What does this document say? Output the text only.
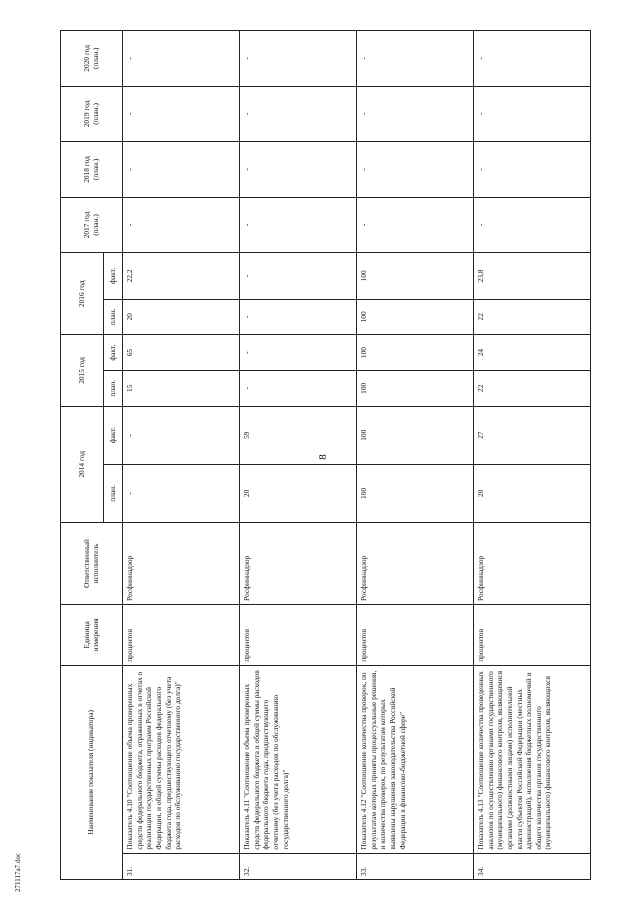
8
Наименование показателя (индикатора)		Единица измерения	Ответственный исполнитель	2014 год		2015 год		2016 год		2017 год (план.)	2018 год (план.)	2019 год (план.)	2020 год (план.)
				план.	факт.	план.	факт.	план.	факт.				
31.	Показатель 4.10 "Соотношение объема проверенных средств федерального бюджета, отраженных в отчетах о реализации государственных программ Российской Федерации, и общей суммы расходов федерального бюджета года, предшествующего отчетному (без учета расходов по обслуживанию государственного долга)"	процентов	Росфиннадзор	-	-	15	65	20	22,2	-	-	-	-
32.	Показатель 4.11 "Соотношение объема проверенных средств федерального бюджета и общей суммы расходов федерального бюджета года, предшествующего отчетному (без учета расходов по обслуживанию государственного долга)"	процентов	Росфиннадзор	20	59	-	-	-	-	-	-	-	-
33.	Показатель 4.12 "Соотношение количества проверок, по результатам которых приняты процессуальные решения, и количества проверок, по результатам которых выявлены нарушения законодательства Российской Федерации в финансово-бюджетной сфере"	процентов	Росфиннадзор	100	100	100	100	100	100	-	-	-	-
34.	Показатель 4.13 "Соотношение количества проведенных анализов по осуществлению органами государственного (муниципального) финансового контроля, являющимися органами (должностными лицами) исполнительной власти субъектов Российской Федерации (местных администраций), исполнения бюджетных полномочий и общего количества органов государственного (муниципального) финансового контроля, являющихся	процентов	Росфиннадзор	20	27	22	24	22	23,8	-	-	-	-
271117a7.doc
